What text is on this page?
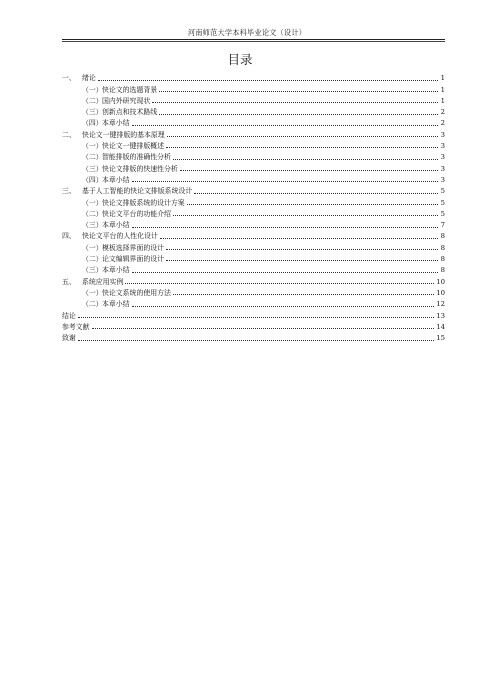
河南师范大学本科毕业论文（设计）
目录
一、 绪论	1
（一） 快论文的选题背景	1
（二） 国内外研究现状	1
（三） 创新点和技术路线	2
（四） 本章小结	2
二、 快论文一键排版的基本原理	3
（一） 快论文一键排版概述	3
（二） 智能排版的准确性分析	3
（三） 快论文排版的快速性分析	3
（四） 本章小结	3
三、 基于人工智能的快论文排版系统设计	5
（一） 快论文排版系统的设计方案	5
（二） 快论文平台的功能介绍	5
（三） 本章小结	7
四、 快论文平台的人性化设计	8
（一） 模板选择界面的设计	8
（二） 论文编辑界面的设计	8
（三） 本章小结	8
五、 系统应用实例	10
（一） 快论文系统的使用方法	10
（二） 本章小结	12
结论	13
参考文献	14
致谢	15
